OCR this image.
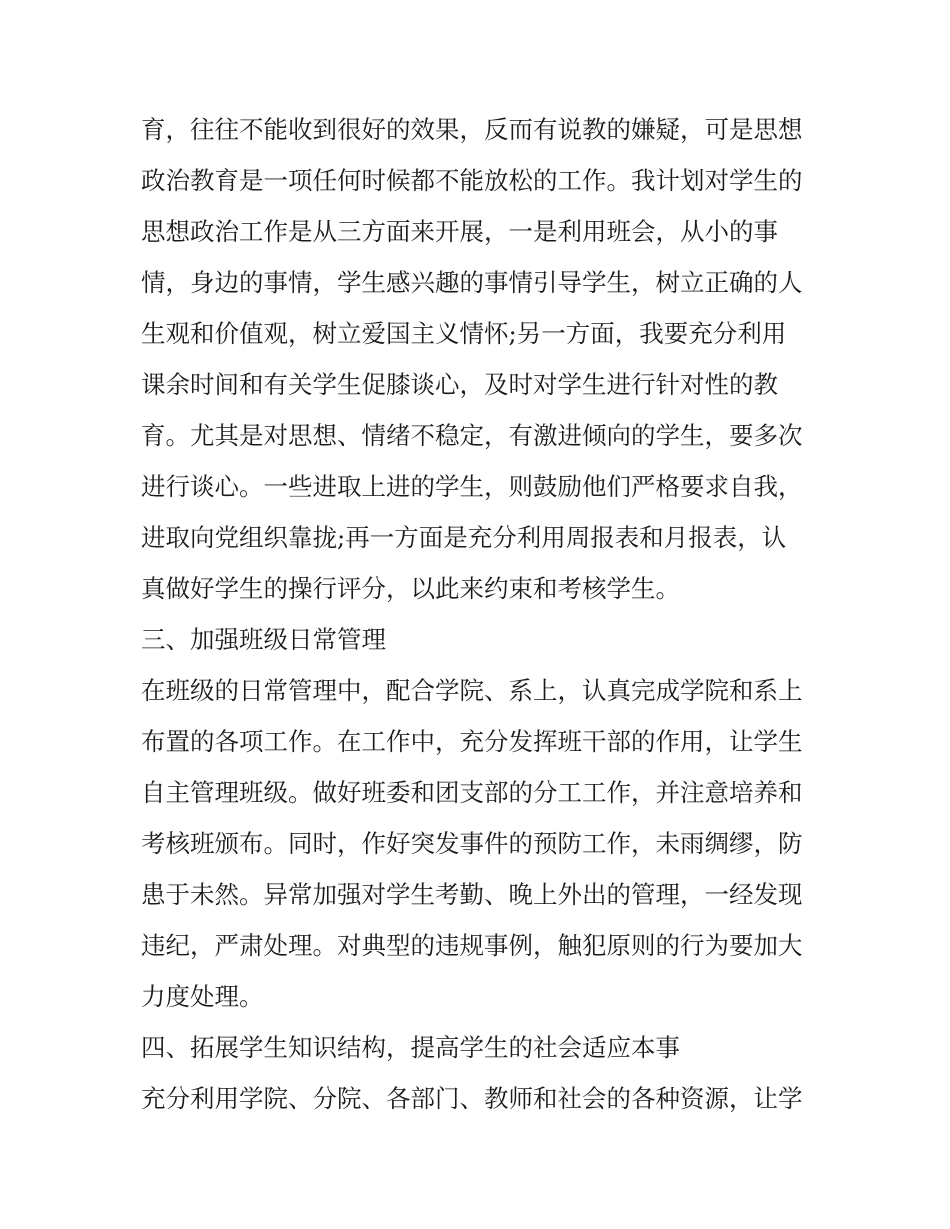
育，往往不能收到很好的效果，反而有说教的嫌疑，可是思想
政治教育是一项任何时候都不能放松的工作。我计划对学生的
思想政治工作是从三方面来开展，一是利用班会，从小的事
情，身边的事情，学生感兴趣的事情引导学生，树立正确的人
生观和价值观，树立爱国主义情怀;另一方面，我要充分利用
课余时间和有关学生促膝谈心，及时对学生进行针对性的教
育。尤其是对思想、情绪不稳定，有激进倾向的学生，要多次
进行谈心。一些进取上进的学生，则鼓励他们严格要求自我，
进取向党组织靠拢;再一方面是充分利用周报表和月报表，认
真做好学生的操行评分，以此来约束和考核学生。
三、加强班级日常管理
在班级的日常管理中，配合学院、系上，认真完成学院和系上
布置的各项工作。在工作中，充分发挥班干部的作用，让学生
自主管理班级。做好班委和团支部的分工工作，并注意培养和
考核班颁布。同时，作好突发事件的预防工作，未雨绸缪，防
患于未然。异常加强对学生考勤、晚上外出的管理，一经发现
违纪，严肃处理。对典型的违规事例，触犯原则的行为要加大
力度处理。
四、拓展学生知识结构，提高学生的社会适应本事
充分利用学院、分院、各部门、教师和社会的各种资源，让学
